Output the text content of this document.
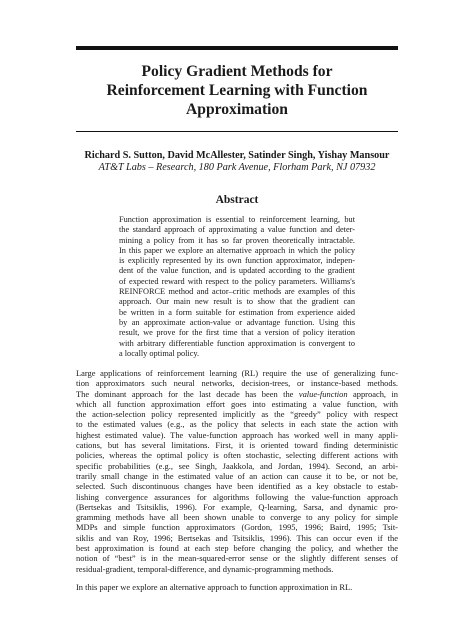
Policy Gradient Methods for
Reinforcement Learning with Function
Approximation
Richard S. Sutton, David McAllester, Satinder Singh, Yishay Mansour
AT&T Labs – Research, 180 Park Avenue, Florham Park, NJ 07932
Abstract
Function approximation is essential to reinforcement learning, but
the standard approach of approximating a value function and deter-
mining a policy from it has so far proven theoretically intractable.
In this paper we explore an alternative approach in which the policy
is explicitly represented by its own function approximator, indepen-
dent of the value function, and is updated according to the gradient
of expected reward with respect to the policy parameters. Williams's
REINFORCE method and actor–critic methods are examples of this
approach. Our main new result is to show that the gradient can
be written in a form suitable for estimation from experience aided
by an approximate action-value or advantage function. Using this
result, we prove for the first time that a version of policy iteration
with arbitrary differentiable function approximation is convergent to
a locally optimal policy.
Large applications of reinforcement learning (RL) require the use of generalizing func-
tion approximators such neural networks, decision-trees, or instance-based methods.
The dominant approach for the last decade has been the value-function approach, in
which all function approximation effort goes into estimating a value function, with
the action-selection policy represented implicitly as the “greedy” policy with respect
to the estimated values (e.g., as the policy that selects in each state the action with
highest estimated value). The value-function approach has worked well in many appli-
cations, but has several limitations. First, it is oriented toward finding deterministic
policies, whereas the optimal policy is often stochastic, selecting different actions with
specific probabilities (e.g., see Singh, Jaakkola, and Jordan, 1994). Second, an arbi-
trarily small change in the estimated value of an action can cause it to be, or not be,
selected. Such discontinuous changes have been identified as a key obstacle to estab-
lishing convergence assurances for algorithms following the value-function approach
(Bertsekas and Tsitsiklis, 1996). For example, Q-learning, Sarsa, and dynamic pro-
gramming methods have all been shown unable to converge to any policy for simple
MDPs and simple function approximators (Gordon, 1995, 1996; Baird, 1995; Tsit-
siklis and van Roy, 1996; Bertsekas and Tsitsiklis, 1996). This can occur even if the
best approximation is found at each step before changing the policy, and whether the
notion of “best” is in the mean-squared-error sense or the slightly different senses of
residual-gradient, temporal-difference, and dynamic-programming methods.
In this paper we explore an alternative approach to function approximation in RL.
